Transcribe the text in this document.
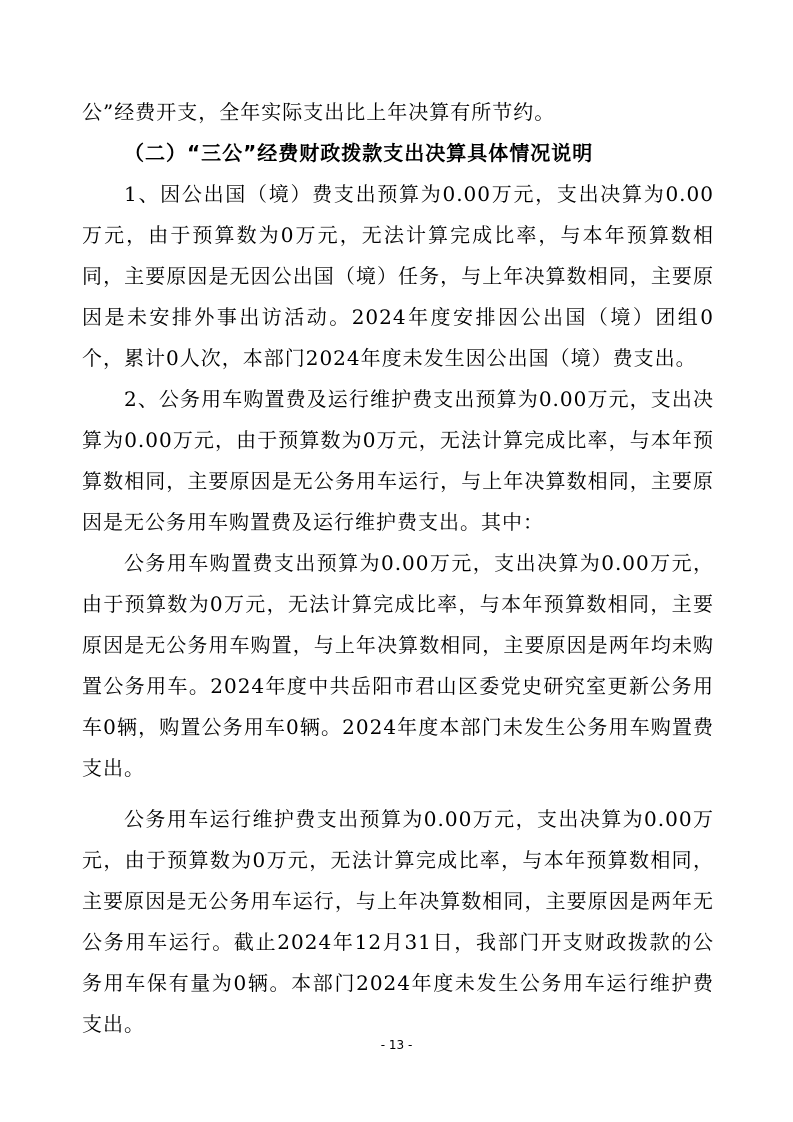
公”经费开支，全年实际支出比上年决算有所节约。

（二）“三公”经费财政拨款支出决算具体情况说明

1、因公出国（境）费支出预算为0.00万元，支出决算为0.00万元，由于预算数为0万元，无法计算完成比率，与本年预算数相同，主要原因是无因公出国（境）任务，与上年决算数相同，主要原因是未安排外事出访活动。2024年度安排因公出国（境）团组0个，累计0人次，本部门2024年度未发生因公出国（境）费支出。

2、公务用车购置费及运行维护费支出预算为0.00万元，支出决算为0.00万元，由于预算数为0万元，无法计算完成比率，与本年预算数相同，主要原因是无公务用车运行，与上年决算数相同，主要原因是无公务用车购置费及运行维护费支出。其中：

公务用车购置费支出预算为0.00万元，支出决算为0.00万元，由于预算数为0万元，无法计算完成比率，与本年预算数相同，主要原因是无公务用车购置，与上年决算数相同，主要原因是两年均未购置公务用车。2024年度中共岳阳市君山区委党史研究室更新公务用车0辆，购置公务用车0辆。2024年度本部门未发生公务用车购置费支出。

公务用车运行维护费支出预算为0.00万元，支出决算为0.00万元，由于预算数为0万元，无法计算完成比率，与本年预算数相同，主要原因是无公务用车运行，与上年决算数相同，主要原因是两年无公务用车运行。截止2024年12月31日，我部门开支财政拨款的公务用车保有量为0辆。本部门2024年度未发生公务用车运行维护费支出。

- 13 -
